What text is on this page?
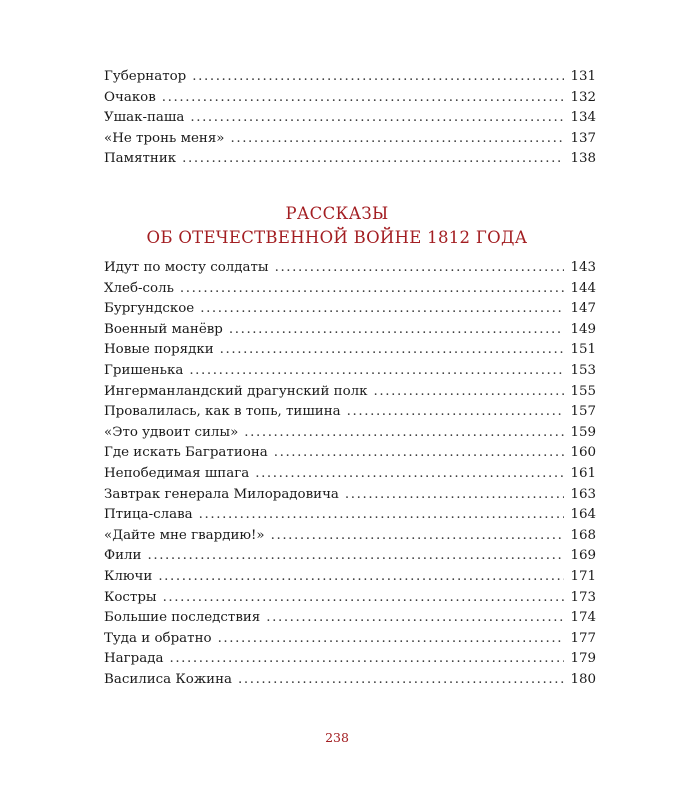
Губернатор .....	131
Очаков .....	132
Ушак-паша .....	134
«Не тронь меня» .....	137
Памятник .....	138
РАССКАЗЫ
ОБ ОТЕЧЕСТВЕННОЙ ВОЙНЕ 1812 ГОДА
Идут по мосту солдаты .....	143
Хлеб-соль .....	144
Бургундское .....	147
Военный манёвр .....	149
Новые порядки .....	151
Гришенька .....	153
Ингерманландский драгунский полк .....	155
Провалилась, как в топь, тишина .....	157
«Это удвоит силы» .....	159
Где искать Багратиона .....	160
Непобедимая шпага .....	161
Завтрак генерала Милорадовича .....	163
Птица-слава .....	164
«Дайте мне гвардию!» .....	168
Фили .....	169
Ключи .....	171
Костры .....	173
Большие последствия .....	174
Туда и обратно .....	177
Награда .....	179
Василиса Кожина .....	180
238
